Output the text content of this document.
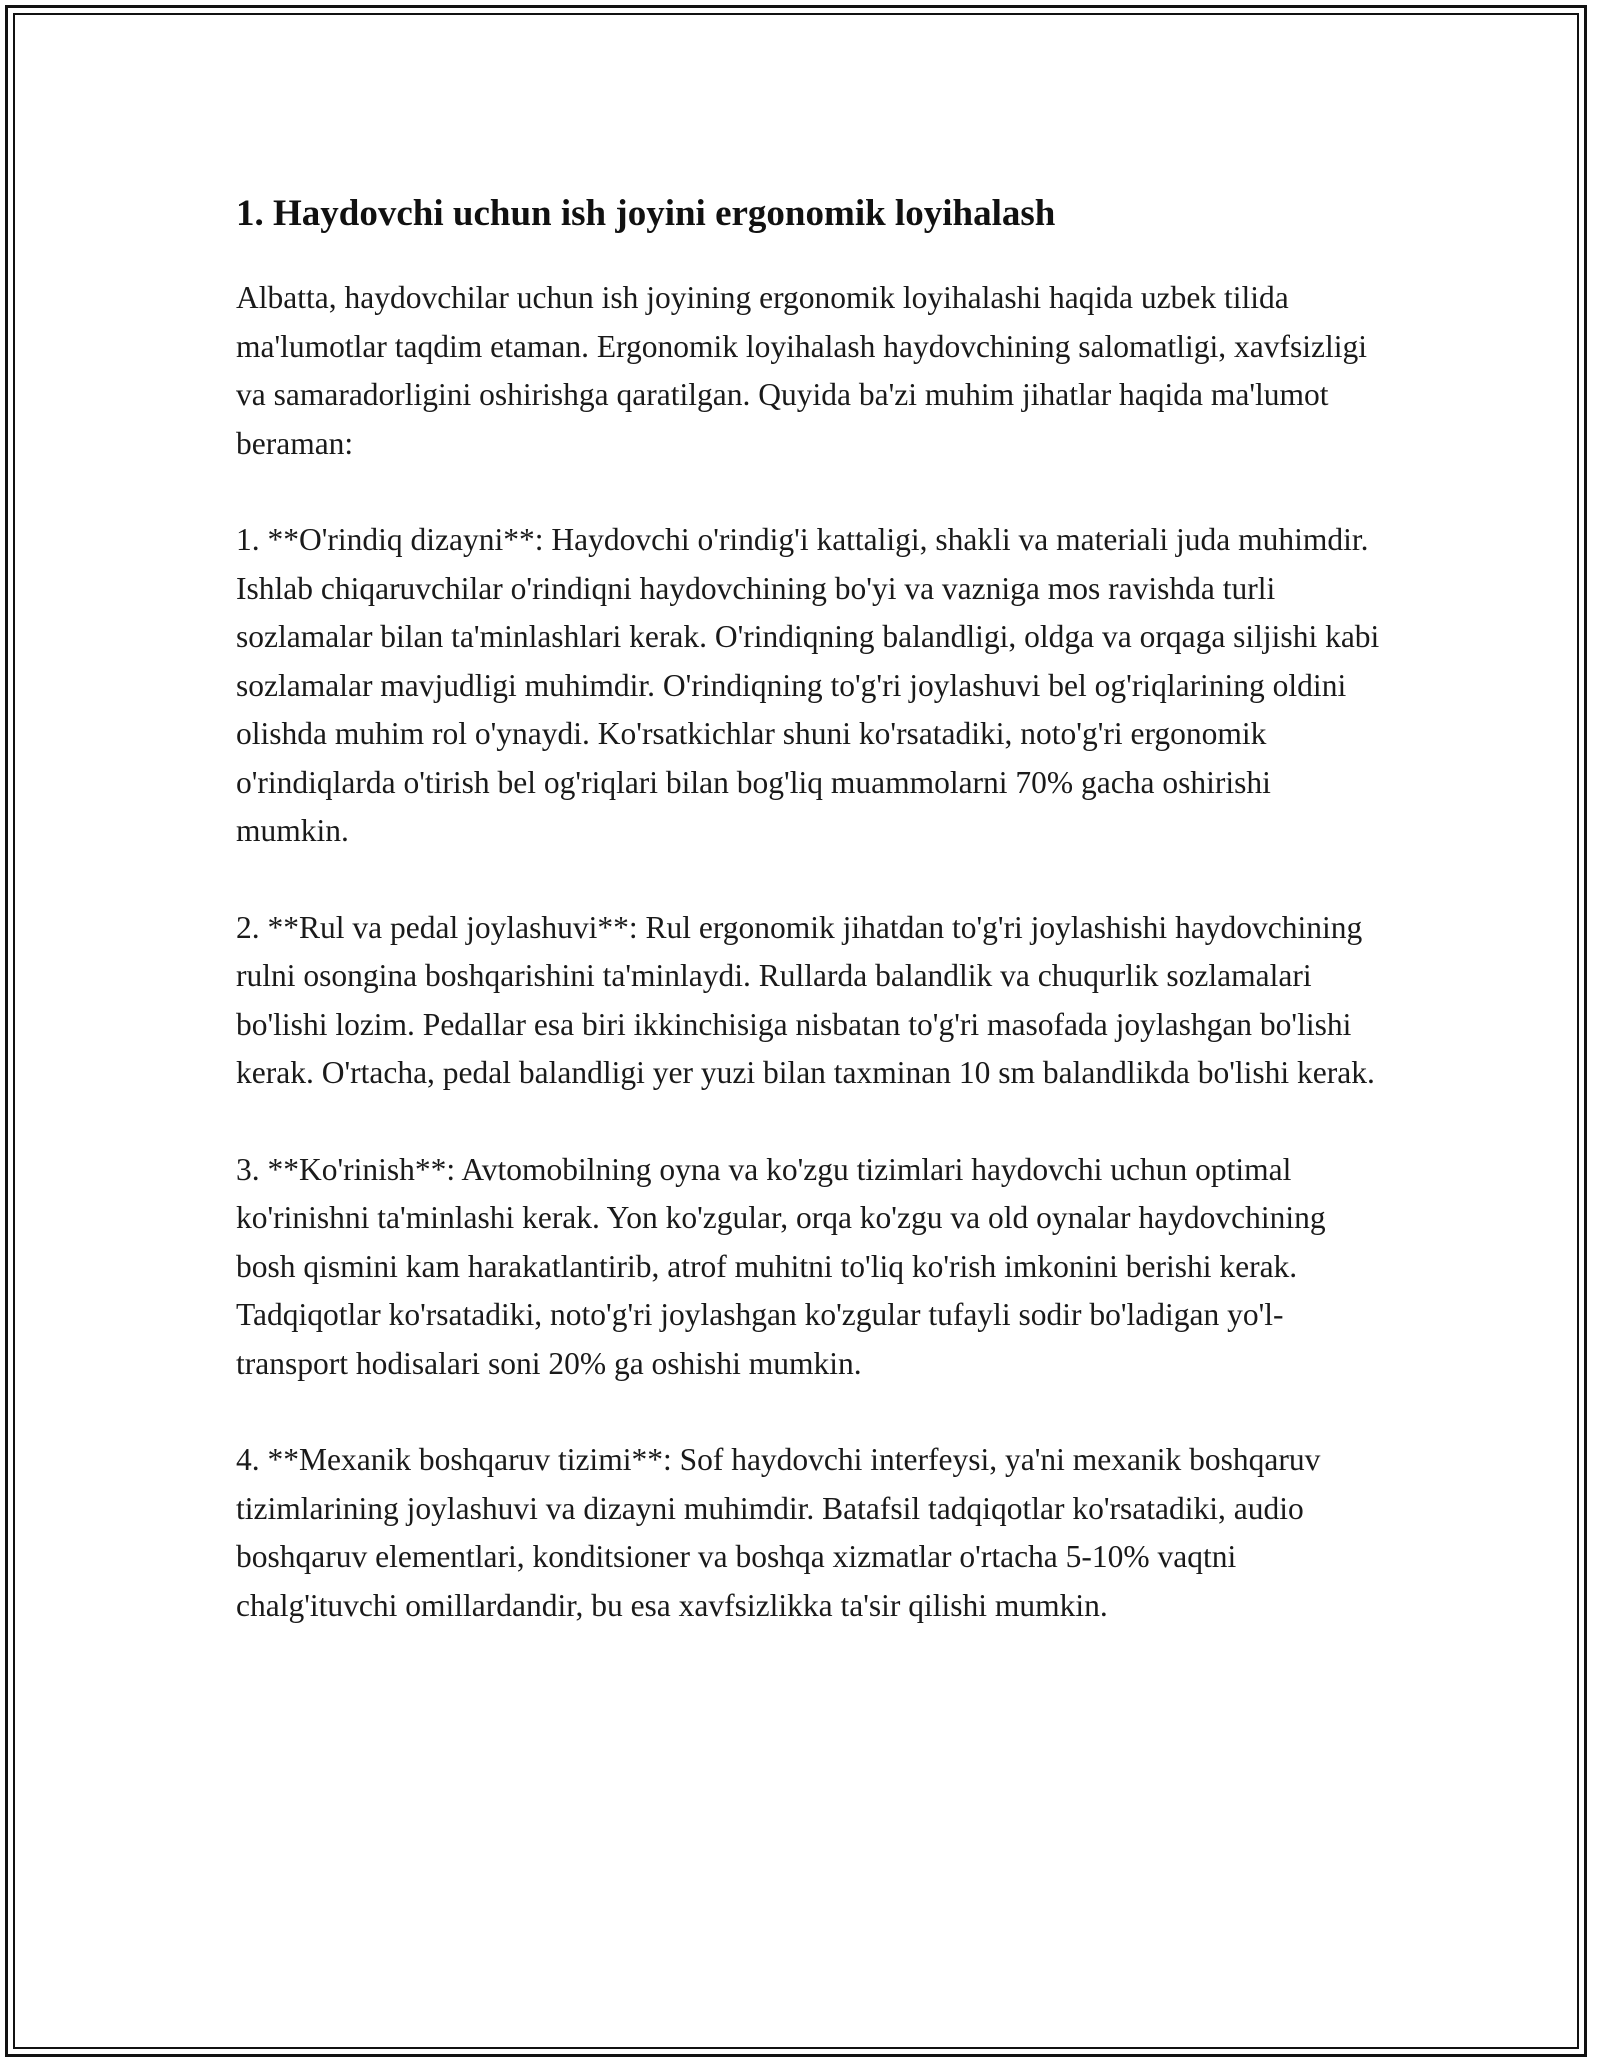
1. Haydovchi uchun ish joyini ergonomik loyihalash

Albatta, haydovchilar uchun ish joyining ergonomik loyihalashi haqida uzbek tilida ma'lumotlar taqdim etaman. Ergonomik loyihalash haydovchining salomatligi, xavfsizligi va samaradorligini oshirishga qaratilgan. Quyida ba'zi muhim jihatlar haqida ma'lumot beraman:

1. **O'rindiq dizayni**: Haydovchi o'rindig'i kattaligi, shakli va materiali juda muhimdir. Ishlab chiqaruvchilar o'rindiqni haydovchining bo'yi va vazniga mos ravishda turli sozlamalar bilan ta'minlashlari kerak. O'rindiqning balandligi, oldga va orqaga siljishi kabi sozlamalar mavjudligi muhimdir. O'rindiqning to'g'ri joylashuvi bel og'riqlarining oldini olishda muhim rol o'ynaydi. Ko'rsatkichlar shuni ko'rsatadiki, noto'g'ri ergonomik o'rindiqlarda o'tirish bel og'riqlari bilan bog'liq muammolarni 70% gacha oshirishi mumkin.

2. **Rul va pedal joylashuvi**: Rul ergonomik jihatdan to'g'ri joylashishi haydovchining rulni osongina boshqarishini ta'minlaydi. Rullarda balandlik va chuqurlik sozlamalari bo'lishi lozim. Pedallar esa biri ikkinchisiga nisbatan to'g'ri masofada joylashgan bo'lishi kerak. O'rtacha, pedal balandligi yer yuzi bilan taxminan 10 sm balandlikda bo'lishi kerak.

3. **Ko'rinish**: Avtomobilning oyna va ko'zgu tizimlari haydovchi uchun optimal ko'rinishni ta'minlashi kerak. Yon ko'zgular, orqa ko'zgu va old oynalar haydovchining bosh qismini kam harakatlantirib, atrof muhitni to'liq ko'rish imkonini berishi kerak. Tadqiqotlar ko'rsatadiki, noto'g'ri joylashgan ko'zgular tufayli sodir bo'ladigan yo'l-transport hodisalari soni 20% ga oshishi mumkin.

4. **Mexanik boshqaruv tizimi**: Sof haydovchi interfeysi, ya'ni mexanik boshqaruv tizimlarining joylashuvi va dizayni muhimdir. Batafsil tadqiqotlar ko'rsatadiki, audio boshqaruv elementlari, konditsioner va boshqa xizmatlar o'rtacha 5-10% vaqtni chalg'ituvchi omillardandir, bu esa xavfsizlikka ta'sir qilishi mumkin.
